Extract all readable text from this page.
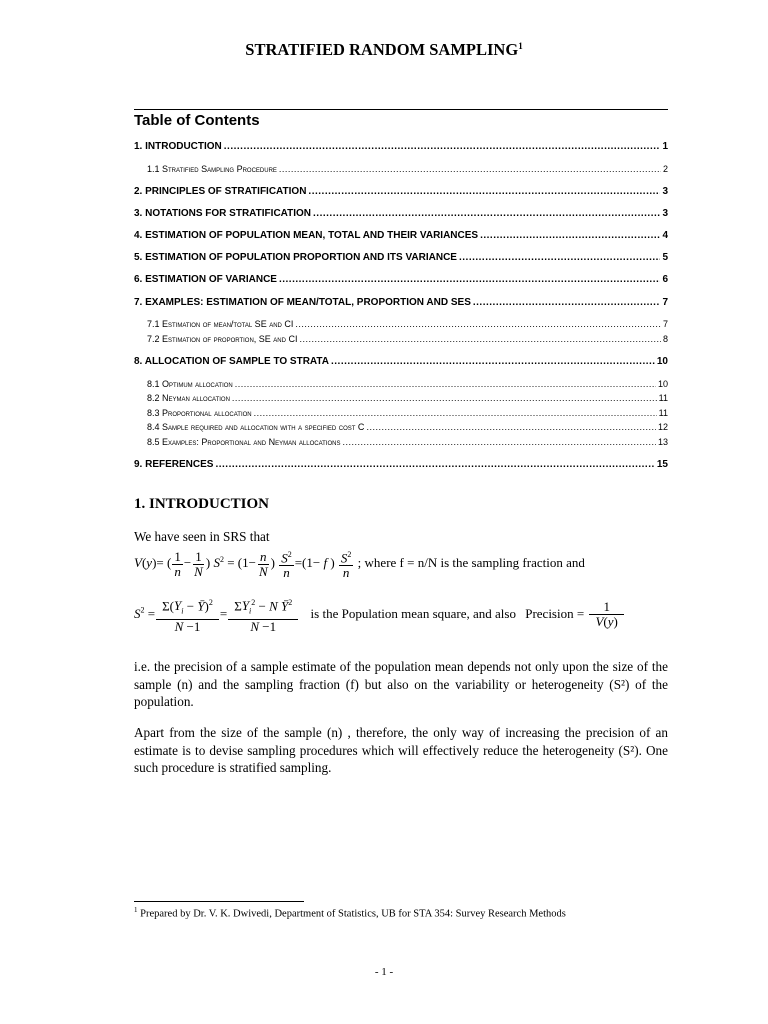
STRATIFIED RANDOM SAMPLING$^1$
Table of Contents
1. INTRODUCTION .....	1
1.1 Stratified Sampling Procedure .....	2
2. PRINCIPLES OF STRATIFICATION .....	3
3. NOTATIONS FOR STRATIFICATION .....	3
4. ESTIMATION OF POPULATION MEAN, TOTAL AND THEIR VARIANCES .....	4
5. ESTIMATION OF POPULATION PROPORTION AND ITS VARIANCE .....	5
6. ESTIMATION OF VARIANCE .....	6
7. EXAMPLES: ESTIMATION OF MEAN/TOTAL, PROPORTION AND SES .....	7
7.1 Estimation of mean/total SE and CI .....	7
7.2 Estimation of proportion, SE and CI .....	8
8. ALLOCATION OF SAMPLE TO STRATA .....	10
8.1 Optimum allocation .....	10
8.2 Neyman allocation .....	11
8.3 Proportional allocation .....	11
8.4 Sample required and allocation with a specified cost C .....	12
8.5 Examples: Proportional and Neyman allocations .....	13
9. REFERENCES .....	15
1. INTRODUCTION
We have seen in SRS that
V(y)= ( $\frac{1}{n} - \frac{1}{N}$ ) $S^2 = (1- \frac{n}{N}$ ) $\frac{S^2}{n} =(1- f$ ) $\frac{S^2}{n}$ ; where f = n/N is the sampling fraction and
$S^2 = \frac{\Sigma(Y_i - Ȳ)^2}{N -1} = \frac{\Sigma Y_i^2 - N Ȳ^2}{N -1}$ is the Population mean square, and also Precision = $\frac{1}{V(y)}$
i.e. the precision of a sample estimate of the population mean depends not only upon the size of the sample (n) and the sampling fraction (f) but also on the variability or heterogeneity (S²) of the population.
Apart from the size of the sample (n) , therefore, the only way of increasing the precision of an estimate is to devise sampling procedures which will effectively reduce the heterogeneity (S²). One such procedure is stratified sampling.
$^1$ Prepared by Dr. V. K. Dwivedi, Department of Statistics, UB for STA 354: Survey Research Methods
- 1 -
